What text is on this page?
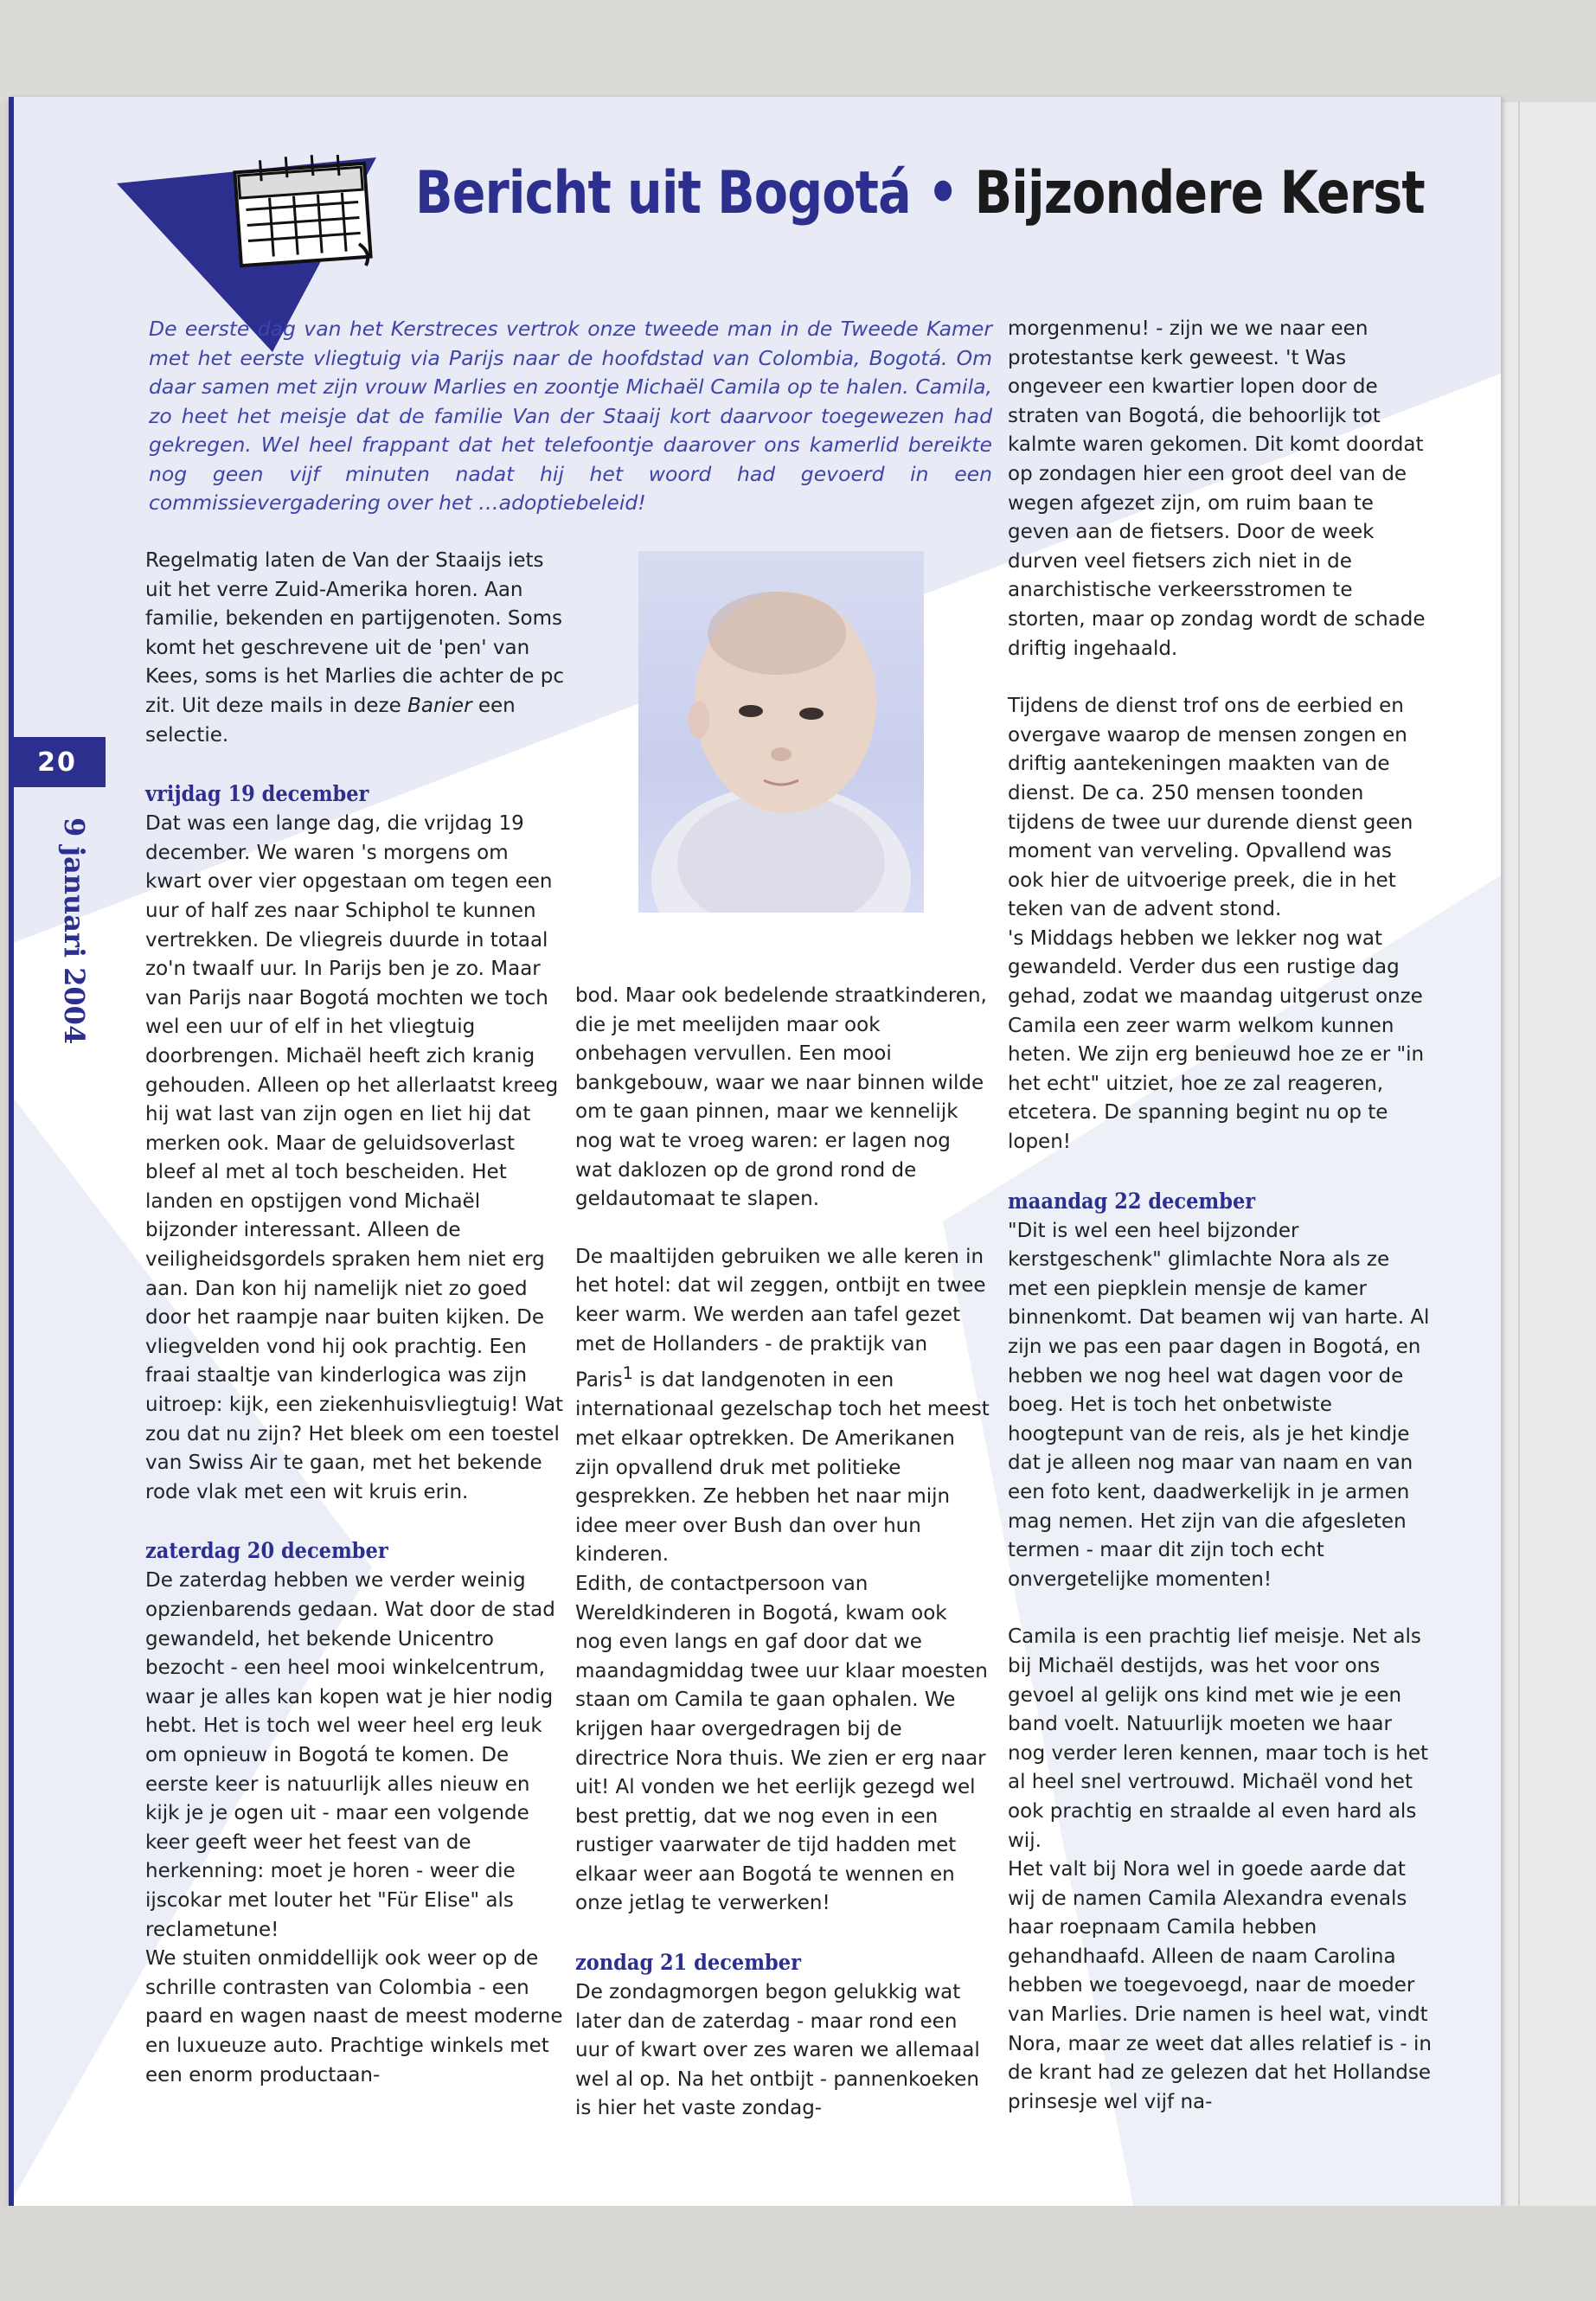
Bericht uit Bogotá • Bijzondere Kerst

De eerste dag van het Kerstreces vertrok onze tweede man in de Tweede Kamer met het eerste vliegtuig via Parijs naar de hoofdstad van Colombia, Bogotá. Om daar samen met zijn vrouw Marlies en zoontje Michaël Camila op te halen. Camila, zo heet het meisje dat de familie Van der Staaij kort daarvoor toegewezen had gekregen. Wel heel frappant dat het telefoontje daarover ons kamerlid bereikte nog geen vijf minuten nadat hij het woord had gevoerd in een commissievergadering over het …adoptiebeleid!

Regelmatig laten de Van der Staaijs iets uit het verre Zuid-Amerika horen. Aan familie, bekenden en partijgenoten. Soms komt het geschrevene uit de 'pen' van Kees, soms is het Marlies die achter de pc zit. Uit deze mails in deze Banier een selectie.

vrijdag 19 december

Dat was een lange dag, die vrijdag 19 december. We waren 's morgens om kwart over vier opgestaan om tegen een uur of half zes naar Schiphol te kunnen vertrekken. De vliegreis duurde in totaal zo'n twaalf uur. In Parijs ben je zo. Maar van Parijs naar Bogotá mochten we toch wel een uur of elf in het vliegtuig doorbrengen. Michaël heeft zich kranig gehouden. Alleen op het allerlaatst kreeg hij wat last van zijn ogen en liet hij dat merken ook. Maar de geluidsoverlast bleef al met al toch bescheiden. Het landen en opstijgen vond Michaël bijzonder interessant. Alleen de veiligheidsgordels spraken hem niet erg aan. Dan kon hij namelijk niet zo goed door het raampje naar buiten kijken. De vliegvelden vond hij ook prachtig. Een fraai staaltje van kinderlogica was zijn uitroep: kijk, een ziekenhuisvliegtuig! Wat zou dat nu zijn? Het bleek om een toestel van Swiss Air te gaan, met het bekende rode vlak met een wit kruis erin.

zaterdag 20 december

De zaterdag hebben we verder weinig opzienbarends gedaan. Wat door de stad gewandeld, het bekende Unicentro bezocht - een heel mooi winkelcentrum, waar je alles kan kopen wat je hier nodig hebt. Het is toch wel weer heel erg leuk om opnieuw in Bogotá te komen. De eerste keer is natuurlijk alles nieuw en kijk je je ogen uit - maar een volgende keer geeft weer het feest van de herkenning: moet je horen - weer die ijscokar met louter het "Für Elise" als reclametune!

We stuiten onmiddellijk ook weer op de schrille contrasten van Colombia - een paard en wagen naast de meest moderne en luxueuze auto. Prachtige winkels met een enorm productaan-

bod. Maar ook bedelende straatkinderen, die je met meelijden maar ook onbehagen vervullen. Een mooi bankgebouw, waar we naar binnen wilde om te gaan pinnen, maar we kennelijk nog wat te vroeg waren: er lagen nog wat daklozen op de grond rond de geldautomaat te slapen.

De maaltijden gebruiken we alle keren in het hotel: dat wil zeggen, ontbijt en twee keer warm. We werden aan tafel gezet met de Hollanders - de praktijk van Paris$^1$ is dat landgenoten in een internationaal gezelschap toch het meest met elkaar optrekken. De Amerikanen zijn opvallend druk met politieke gesprekken. Ze hebben het naar mijn idee meer over Bush dan over hun kinderen.

Edith, de contactpersoon van Wereldkinderen in Bogotá, kwam ook nog even langs en gaf door dat we maandagmiddag twee uur klaar moesten staan om Camila te gaan ophalen. We krijgen haar overgedragen bij de directrice Nora thuis. We zien er erg naar uit! Al vonden we het eerlijk gezegd wel best prettig, dat we nog even in een rustiger vaarwater de tijd hadden met elkaar weer aan Bogotá te wennen en onze jetlag te verwerken!

zondag 21 december

De zondagmorgen begon gelukkig wat later dan de zaterdag - maar rond een uur of kwart over zes waren we allemaal wel al op. Na het ontbijt - pannenkoeken is hier het vaste zondag-

morgenmenu! - zijn we we naar een protestantse kerk geweest. 't Was ongeveer een kwartier lopen door de straten van Bogotá, die behoorlijk tot kalmte waren gekomen. Dit komt doordat op zondagen hier een groot deel van de wegen afgezet zijn, om ruim baan te geven aan de fietsers. Door de week durven veel fietsers zich niet in de anarchistische verkeersstromen te storten, maar op zondag wordt de schade driftig ingehaald.

Tijdens de dienst trof ons de eerbied en overgave waarop de mensen zongen en driftig aantekeningen maakten van de dienst. De ca. 250 mensen toonden tijdens de twee uur durende dienst geen moment van verveling. Opvallend was ook hier de uitvoerige preek, die in het teken van de advent stond.

's Middags hebben we lekker nog wat gewandeld. Verder dus een rustige dag gehad, zodat we maandag uitgerust onze Camila een zeer warm welkom kunnen heten. We zijn erg benieuwd hoe ze er "in het echt" uitziet, hoe ze zal reageren, etcetera. De spanning begint nu op te lopen!

maandag 22 december

"Dit is wel een heel bijzonder kerstgeschenk" glimlachte Nora als ze met een piepklein mensje de kamer binnenkomt. Dat beamen wij van harte. Al zijn we pas een paar dagen in Bogotá, en hebben we nog heel wat dagen voor de boeg. Het is toch het onbetwiste hoogtepunt van de reis, als je het kindje dat je alleen nog maar van naam en van een foto kent, daadwerkelijk in je armen mag nemen. Het zijn van die afgesleten termen - maar dit zijn toch echt onvergetelijke momenten!

Camila is een prachtig lief meisje. Net als bij Michaël destijds, was het voor ons gevoel al gelijk ons kind met wie je een band voelt. Natuurlijk moeten we haar nog verder leren kennen, maar toch is het al heel snel vertrouwd. Michaël vond het ook prachtig en straalde al even hard als wij.

Het valt bij Nora wel in goede aarde dat wij de namen Camila Alexandra evenals haar roepnaam Camila hebben gehandhaafd. Alleen de naam Carolina hebben we toegevoegd, naar de moeder van Marlies. Drie namen is heel wat, vindt Nora, maar ze weet dat alles relatief is - in de krant had ze gelezen dat het Hollandse prinsesje wel vijf na-

20
9 januari 2004
